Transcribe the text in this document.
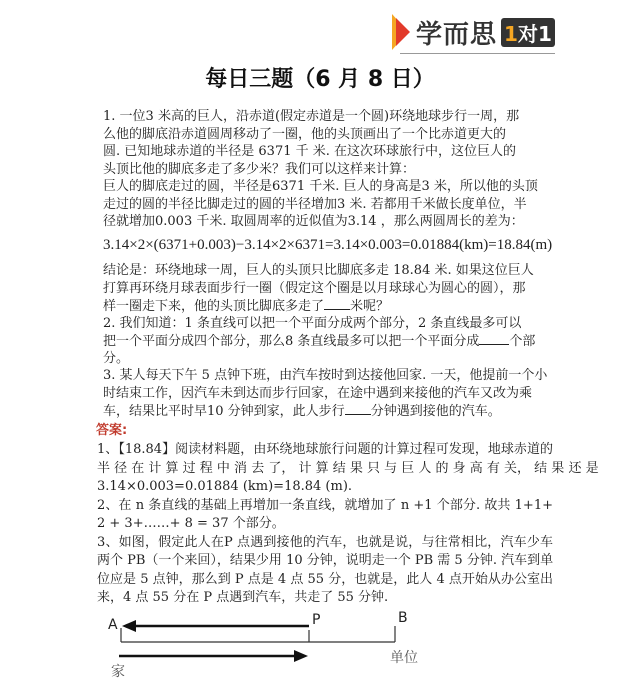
学而思 1对1
每日三题（6 月 8 日）
1. 一位3 米高的巨人，沿赤道(假定赤道是一个圆)环绕地球步行一周，那
么他的脚底沿赤道圆周移动了一圈，他的头顶画出了一个比赤道更大的
圆. 已知地球赤道的半径是 6371 千 米. 在这次环球旅行中，这位巨人的
头顶比他的脚底多走了多少米？我们可以这样来计算：
巨人的脚底走过的圆，半径是6371 千米. 巨人的身高是3 米，所以他的头顶
走过的圆的半径比脚走过的圆的半径增加3 米. 若都用千米做长度单位，半
径就增加0.003 千米. 取圆周率的近似值为3.14 ，那么两圆周长的差为：
3.14×2×(6371+0.003)−3.14×2×6371=3.14×0.003=0.01884(km)=18.84(m)
结论是：环绕地球一周，巨人的头顶只比脚底多走 18.84 米. 如果这位巨人
打算再环绕月球表面步行一圈（假定这个圈是以月球球心为圆心的圆），那
样一圈走下来，他的头顶比脚底多走了 米呢？
2. 我们知道：1 条直线可以把一个平面分成两个部分，2 条直线最多可以
把一个平面分成四个部分，那么8 条直线最多可以把一个平面分成 个部
分。
3. 某人每天下午 5 点钟下班，由汽车按时到达接他回家. 一天，他提前一个小
时结束工作，因汽车未到达而步行回家，在途中遇到来接他的汽车又改为乘
车，结果比平时早10 分钟到家，此人步行 分钟遇到接他的汽车。
答案:
1、【18.84】阅读材料题，由环绕地球旅行问题的计算过程可发现，地球赤道的
半 径 在 计 算 过 程 中 消 去 了， 计 算 结 果 只 与 巨 人 的 身 高 有 关， 结 果 还 是
3.14×0.003=0.01884 (km)=18.84 (m).
2、在 n 条直线的基础上再增加一条直线，就增加了 n +1 个部分. 故共 1+1+
2 + 3+……+ 8 = 37 个部分。
3、如图，假定此人在P 点遇到接他的汽车，也就是说，与往常相比，汽车少车
两个 PB（一个来回），结果少用 10 分钟，说明走一个 PB 需 5 分钟. 汽车到单
位应是 5 点钟，那么到 P 点是 4 点 55 分，也就是，此人 4 点开始从办公室出
来，4 点 55 分在 P 点遇到汽车，共走了 55 分钟.
A	P	B
家
单位
